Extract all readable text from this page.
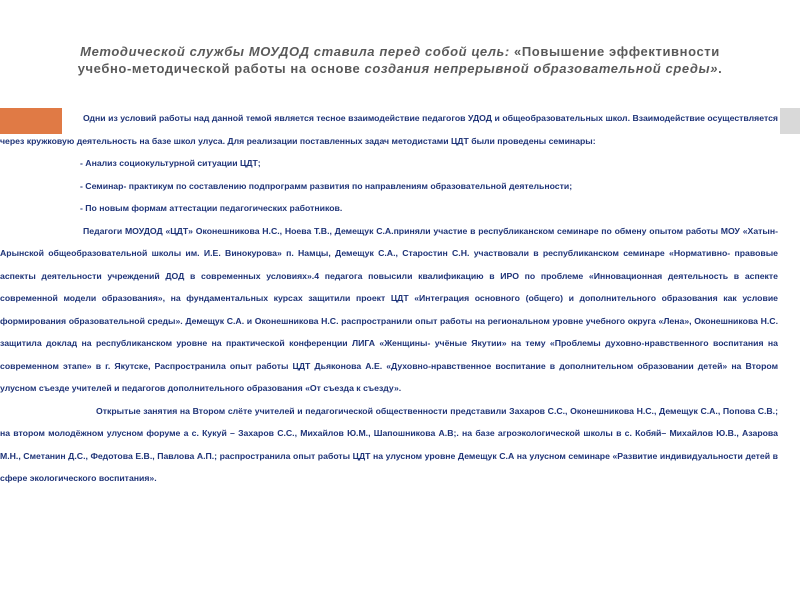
Методической службы МОУДОД ставила перед собой цель: «Повышение эффективности учебно-методической работы на основе создания непрерывной образовательной среды».

Одни из условий работы над данной темой является тесное взаимодействие педагогов УДОД и общеобразовательных школ. Взаимодействие осуществляется через кружковую деятельность на базе школ улуса. Для реализации поставленных задач методистами ЦДТ были проведены семинары:

- Анализ социокультурной ситуации ЦДТ;

- Семинар- практикум по составлению подпрограмм развития по направлениям образовательной деятельности;

- По новым формам аттестации педагогических работников.

Педагоги МОУДОД «ЦДТ» Оконешникова Н.С., Ноева Т.В., Демещук С.А.приняли участие в республиканском семинаре по обмену опытом работы МОУ «Хатын- Арынской общеобразовательной школы им. И.Е. Винокурова» п. Намцы, Демещук С.А., Старостин С.Н. участвовали в республиканском семинаре «Нормативно- правовые аспекты деятельности учреждений ДОД в современных условиях».4 педагога повысили квалификацию в ИРО по проблеме «Инновационная деятельность в аспекте современной модели образования», на фундаментальных курсах защитили проект ЦДТ «Интеграция основного (общего) и дополнительного образования как условие формирования образовательной среды». Демещук С.А. и Оконешникова Н.С. распространили опыт работы на региональном уровне учебного округа «Лена», Оконешникова Н.С. защитила доклад на республиканском уровне на практической конференции ЛИГА «Женщины- учёные Якутии» на тему «Проблемы духовно-нравственного воспитания на современном этапе» в г. Якутске, Распространила опыт работы ЦДТ Дьяконова А.Е. «Духовно-нравственное воспитание в дополнительном образовании детей» на Втором улусном съезде учителей и педагогов дополнительного образования «От съезда к съезду».

Открытые занятия на Втором слёте учителей и педагогической общественности представили Захаров С.С., Оконешникова Н.С., Демещук С.А., Попова С.В.; на втором молодёжном улусном форуме а с. Кукуй – Захаров С.С., Михайлов Ю.М., Шапошникова А.В;. на базе агроэкологической школы в с. Кобяй– Михайлов Ю.В., Азарова М.Н., Сметанин Д.С., Федотова Е.В., Павлова А.П.; распространила опыт работы ЦДТ на улусном уровне Демещук С.А на улусном семинаре «Развитие индивидуальности детей в сфере экологического воспитания».
